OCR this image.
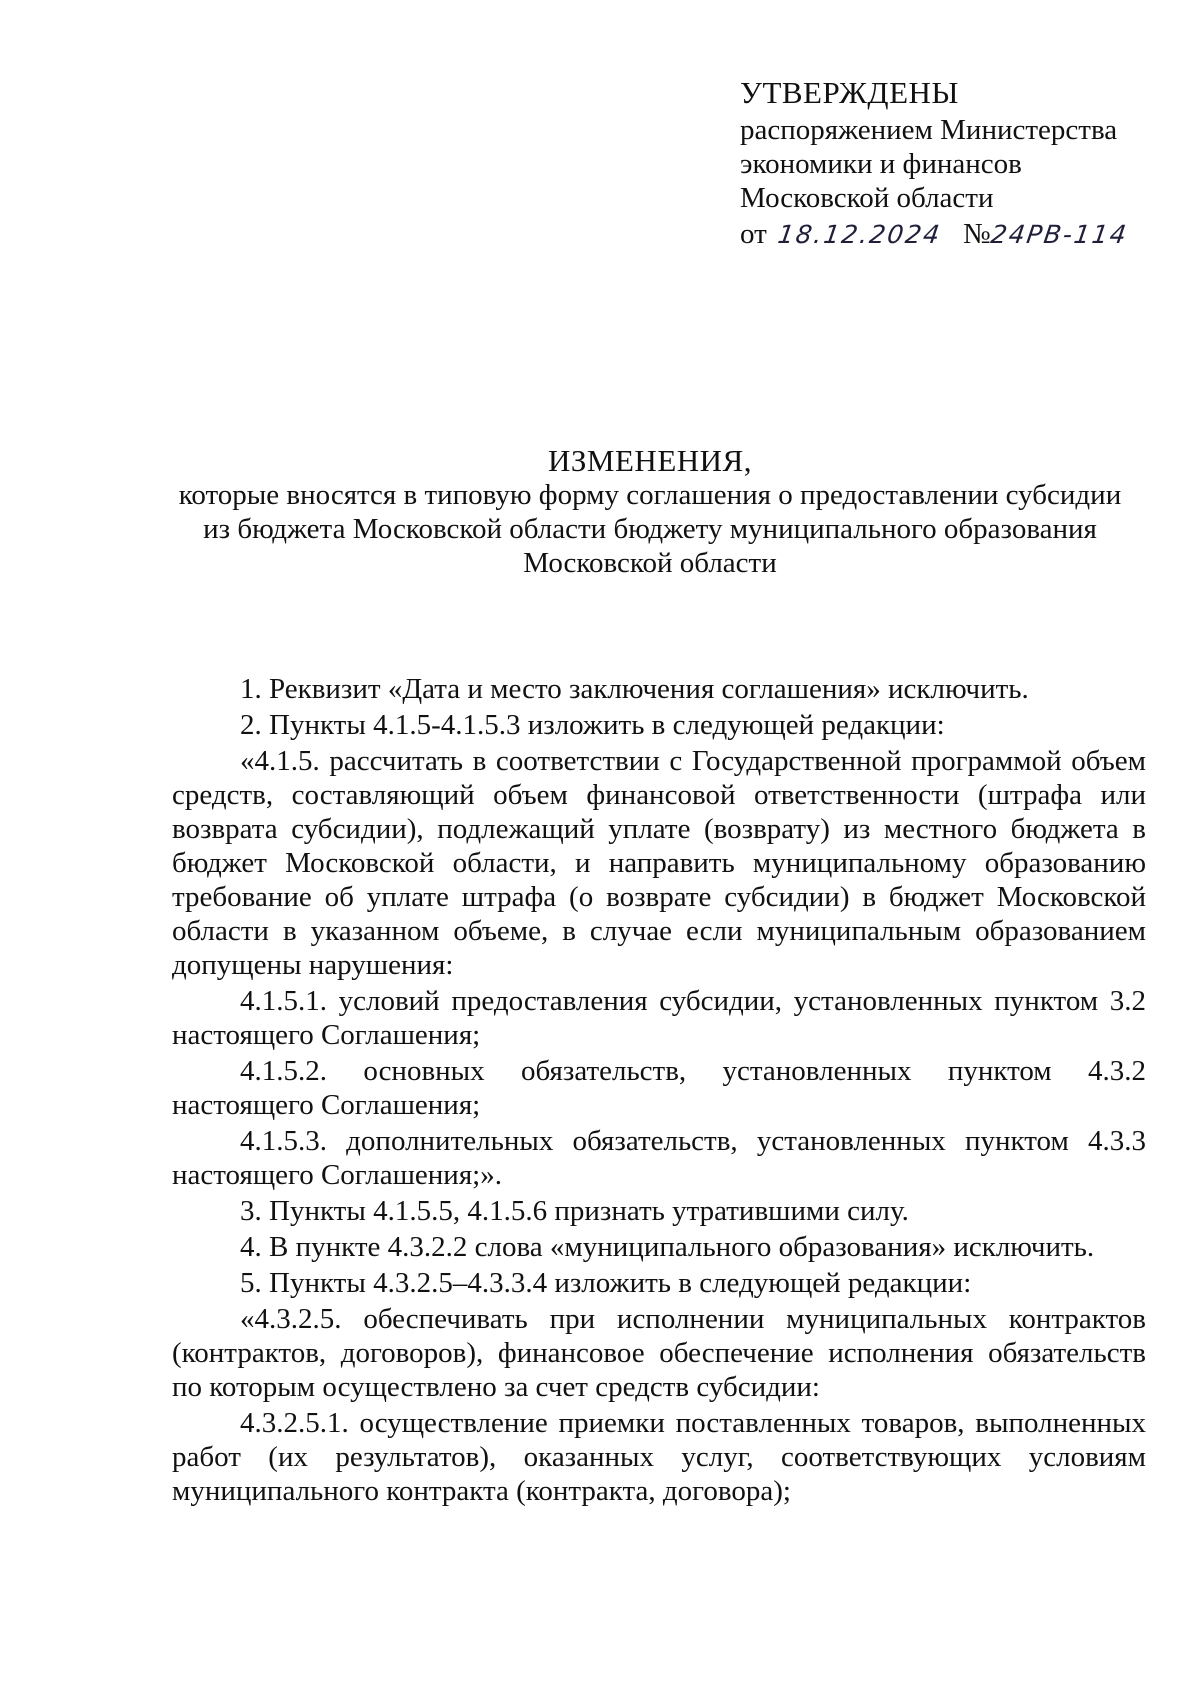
УТВЕРЖДЕНЫ
распоряжением Министерства
экономики и финансов
Московской области
от 18.12.2024 №24РВ-114
ИЗМЕНЕНИЯ,
которые вносятся в типовую форму соглашения о предоставлении субсидии
из бюджета Московской области бюджету муниципального образования
Московской области

1. Реквизит «Дата и место заключения соглашения» исключить.

2. Пункты 4.1.5-4.1.5.3 изложить в следующей редакции:

«4.1.5. рассчитать в соответствии с Государственной программой объем средств, составляющий объем финансовой ответственности (штрафа или возврата субсидии), подлежащий уплате (возврату) из местного бюджета в бюджет Московской области, и направить муниципальному образованию требование об уплате штрафа (о возврате субсидии) в бюджет Московской области в указанном объеме, в случае если муниципальным образованием допущены нарушения:

4.1.5.1. условий предоставления субсидии, установленных пунктом 3.2 настоящего Соглашения;

4.1.5.2. основных обязательств, установленных пунктом 4.3.2 настоящего Соглашения;

4.1.5.3. дополнительных обязательств, установленных пунктом 4.3.3 настоящего Соглашения;».

3. Пункты 4.1.5.5, 4.1.5.6 признать утратившими силу.

4. В пункте 4.3.2.2 слова «муниципального образования» исключить.

5. Пункты 4.3.2.5–4.3.3.4 изложить в следующей редакции:

«4.3.2.5. обеспечивать при исполнении муниципальных контрактов (контрактов, договоров), финансовое обеспечение исполнения обязательств по которым осуществлено за счет средств субсидии:

4.3.2.5.1. осуществление приемки поставленных товаров, выполненных работ (их результатов), оказанных услуг, соответствующих условиям муниципального контракта (контракта, договора);
